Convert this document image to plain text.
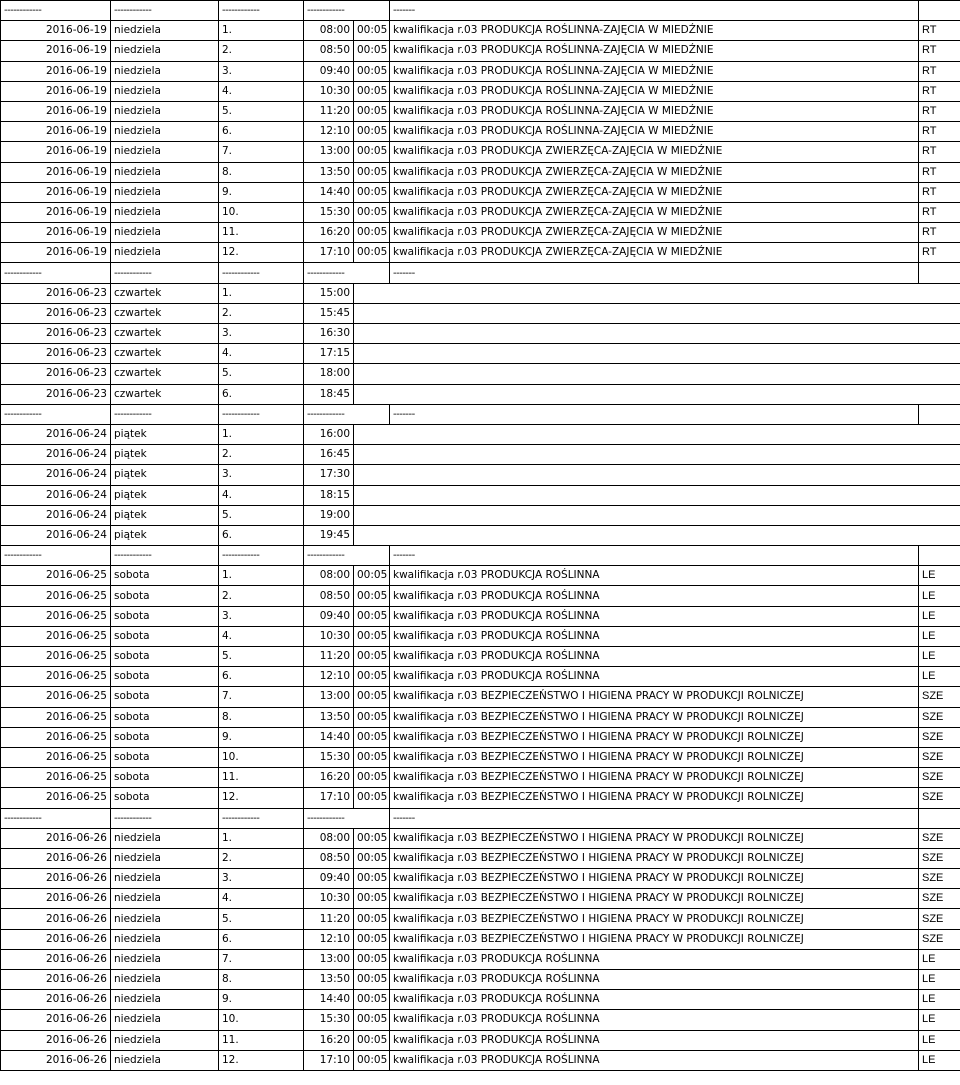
------------	------------	------------	------------		-------		
2016-06-19	niedziela	1.	08:00	00:05	kwalifikacja r.03 PRODUKCJA ROŚLINNA-ZAJĘCIA W MIEDŹNIE	RT	
2016-06-19	niedziela	2.	08:50	00:05	kwalifikacja r.03 PRODUKCJA ROŚLINNA-ZAJĘCIA W MIEDŹNIE	RT	
2016-06-19	niedziela	3.	09:40	00:05	kwalifikacja r.03 PRODUKCJA ROŚLINNA-ZAJĘCIA W MIEDŹNIE	RT	
2016-06-19	niedziela	4.	10:30	00:05	kwalifikacja r.03 PRODUKCJA ROŚLINNA-ZAJĘCIA W MIEDŹNIE	RT	
2016-06-19	niedziela	5.	11:20	00:05	kwalifikacja r.03 PRODUKCJA ROŚLINNA-ZAJĘCIA W MIEDŹNIE	RT	
2016-06-19	niedziela	6.	12:10	00:05	kwalifikacja r.03 PRODUKCJA ROŚLINNA-ZAJĘCIA W MIEDŹNIE	RT	
2016-06-19	niedziela	7.	13:00	00:05	kwalifikacja r.03 PRODUKCJA ZWIERZĘCA-ZAJĘCIA W MIEDŹNIE	RT	
2016-06-19	niedziela	8.	13:50	00:05	kwalifikacja r.03 PRODUKCJA ZWIERZĘCA-ZAJĘCIA W MIEDŹNIE	RT	
2016-06-19	niedziela	9.	14:40	00:05	kwalifikacja r.03 PRODUKCJA ZWIERZĘCA-ZAJĘCIA W MIEDŹNIE	RT	
2016-06-19	niedziela	10.	15:30	00:05	kwalifikacja r.03 PRODUKCJA ZWIERZĘCA-ZAJĘCIA W MIEDŹNIE	RT	
2016-06-19	niedziela	11.	16:20	00:05	kwalifikacja r.03 PRODUKCJA ZWIERZĘCA-ZAJĘCIA W MIEDŹNIE	RT	
2016-06-19	niedziela	12.	17:10	00:05	kwalifikacja r.03 PRODUKCJA ZWIERZĘCA-ZAJĘCIA W MIEDŹNIE	RT	
------------	------------	------------	------------		-------		
2016-06-23	czwartek	1.	15:00				
2016-06-23	czwartek	2.	15:45				
2016-06-23	czwartek	3.	16:30				
2016-06-23	czwartek	4.	17:15				
2016-06-23	czwartek	5.	18:00				
2016-06-23	czwartek	6.	18:45				
------------	------------	------------	------------		-------		
2016-06-24	piątek	1.	16:00				
2016-06-24	piątek	2.	16:45				
2016-06-24	piątek	3.	17:30				
2016-06-24	piątek	4.	18:15				
2016-06-24	piątek	5.	19:00				
2016-06-24	piątek	6.	19:45				
------------	------------	------------	------------		-------		
2016-06-25	sobota	1.	08:00	00:05	kwalifikacja r.03 PRODUKCJA ROŚLINNA	LE	
2016-06-25	sobota	2.	08:50	00:05	kwalifikacja r.03 PRODUKCJA ROŚLINNA	LE	
2016-06-25	sobota	3.	09:40	00:05	kwalifikacja r.03 PRODUKCJA ROŚLINNA	LE	
2016-06-25	sobota	4.	10:30	00:05	kwalifikacja r.03 PRODUKCJA ROŚLINNA	LE	
2016-06-25	sobota	5.	11:20	00:05	kwalifikacja r.03 PRODUKCJA ROŚLINNA	LE	
2016-06-25	sobota	6.	12:10	00:05	kwalifikacja r.03 PRODUKCJA ROŚLINNA	LE	
2016-06-25	sobota	7.	13:00	00:05	kwalifikacja r.03 BEZPIECZEŃSTWO I HIGIENA PRACY W PRODUKCJI ROLNICZEJ	SZE	
2016-06-25	sobota	8.	13:50	00:05	kwalifikacja r.03 BEZPIECZEŃSTWO I HIGIENA PRACY W PRODUKCJI ROLNICZEJ	SZE	
2016-06-25	sobota	9.	14:40	00:05	kwalifikacja r.03 BEZPIECZEŃSTWO I HIGIENA PRACY W PRODUKCJI ROLNICZEJ	SZE	
2016-06-25	sobota	10.	15:30	00:05	kwalifikacja r.03 BEZPIECZEŃSTWO I HIGIENA PRACY W PRODUKCJI ROLNICZEJ	SZE	
2016-06-25	sobota	11.	16:20	00:05	kwalifikacja r.03 BEZPIECZEŃSTWO I HIGIENA PRACY W PRODUKCJI ROLNICZEJ	SZE	
2016-06-25	sobota	12.	17:10	00:05	kwalifikacja r.03 BEZPIECZEŃSTWO I HIGIENA PRACY W PRODUKCJI ROLNICZEJ	SZE	
------------	------------	------------	------------		-------		
2016-06-26	niedziela	1.	08:00	00:05	kwalifikacja r.03 BEZPIECZEŃSTWO I HIGIENA PRACY W PRODUKCJI ROLNICZEJ	SZE	
2016-06-26	niedziela	2.	08:50	00:05	kwalifikacja r.03 BEZPIECZEŃSTWO I HIGIENA PRACY W PRODUKCJI ROLNICZEJ	SZE	
2016-06-26	niedziela	3.	09:40	00:05	kwalifikacja r.03 BEZPIECZEŃSTWO I HIGIENA PRACY W PRODUKCJI ROLNICZEJ	SZE	
2016-06-26	niedziela	4.	10:30	00:05	kwalifikacja r.03 BEZPIECZEŃSTWO I HIGIENA PRACY W PRODUKCJI ROLNICZEJ	SZE	
2016-06-26	niedziela	5.	11:20	00:05	kwalifikacja r.03 BEZPIECZEŃSTWO I HIGIENA PRACY W PRODUKCJI ROLNICZEJ	SZE	
2016-06-26	niedziela	6.	12:10	00:05	kwalifikacja r.03 BEZPIECZEŃSTWO I HIGIENA PRACY W PRODUKCJI ROLNICZEJ	SZE	
2016-06-26	niedziela	7.	13:00	00:05	kwalifikacja r.03 PRODUKCJA ROŚLINNA	LE	
2016-06-26	niedziela	8.	13:50	00:05	kwalifikacja r.03 PRODUKCJA ROŚLINNA	LE	
2016-06-26	niedziela	9.	14:40	00:05	kwalifikacja r.03 PRODUKCJA ROŚLINNA	LE	
2016-06-26	niedziela	10.	15:30	00:05	kwalifikacja r.03 PRODUKCJA ROŚLINNA	LE	
2016-06-26	niedziela	11.	16:20	00:05	kwalifikacja r.03 PRODUKCJA ROŚLINNA	LE	
2016-06-26	niedziela	12.	17:10	00:05	kwalifikacja r.03 PRODUKCJA ROŚLINNA	LE	
